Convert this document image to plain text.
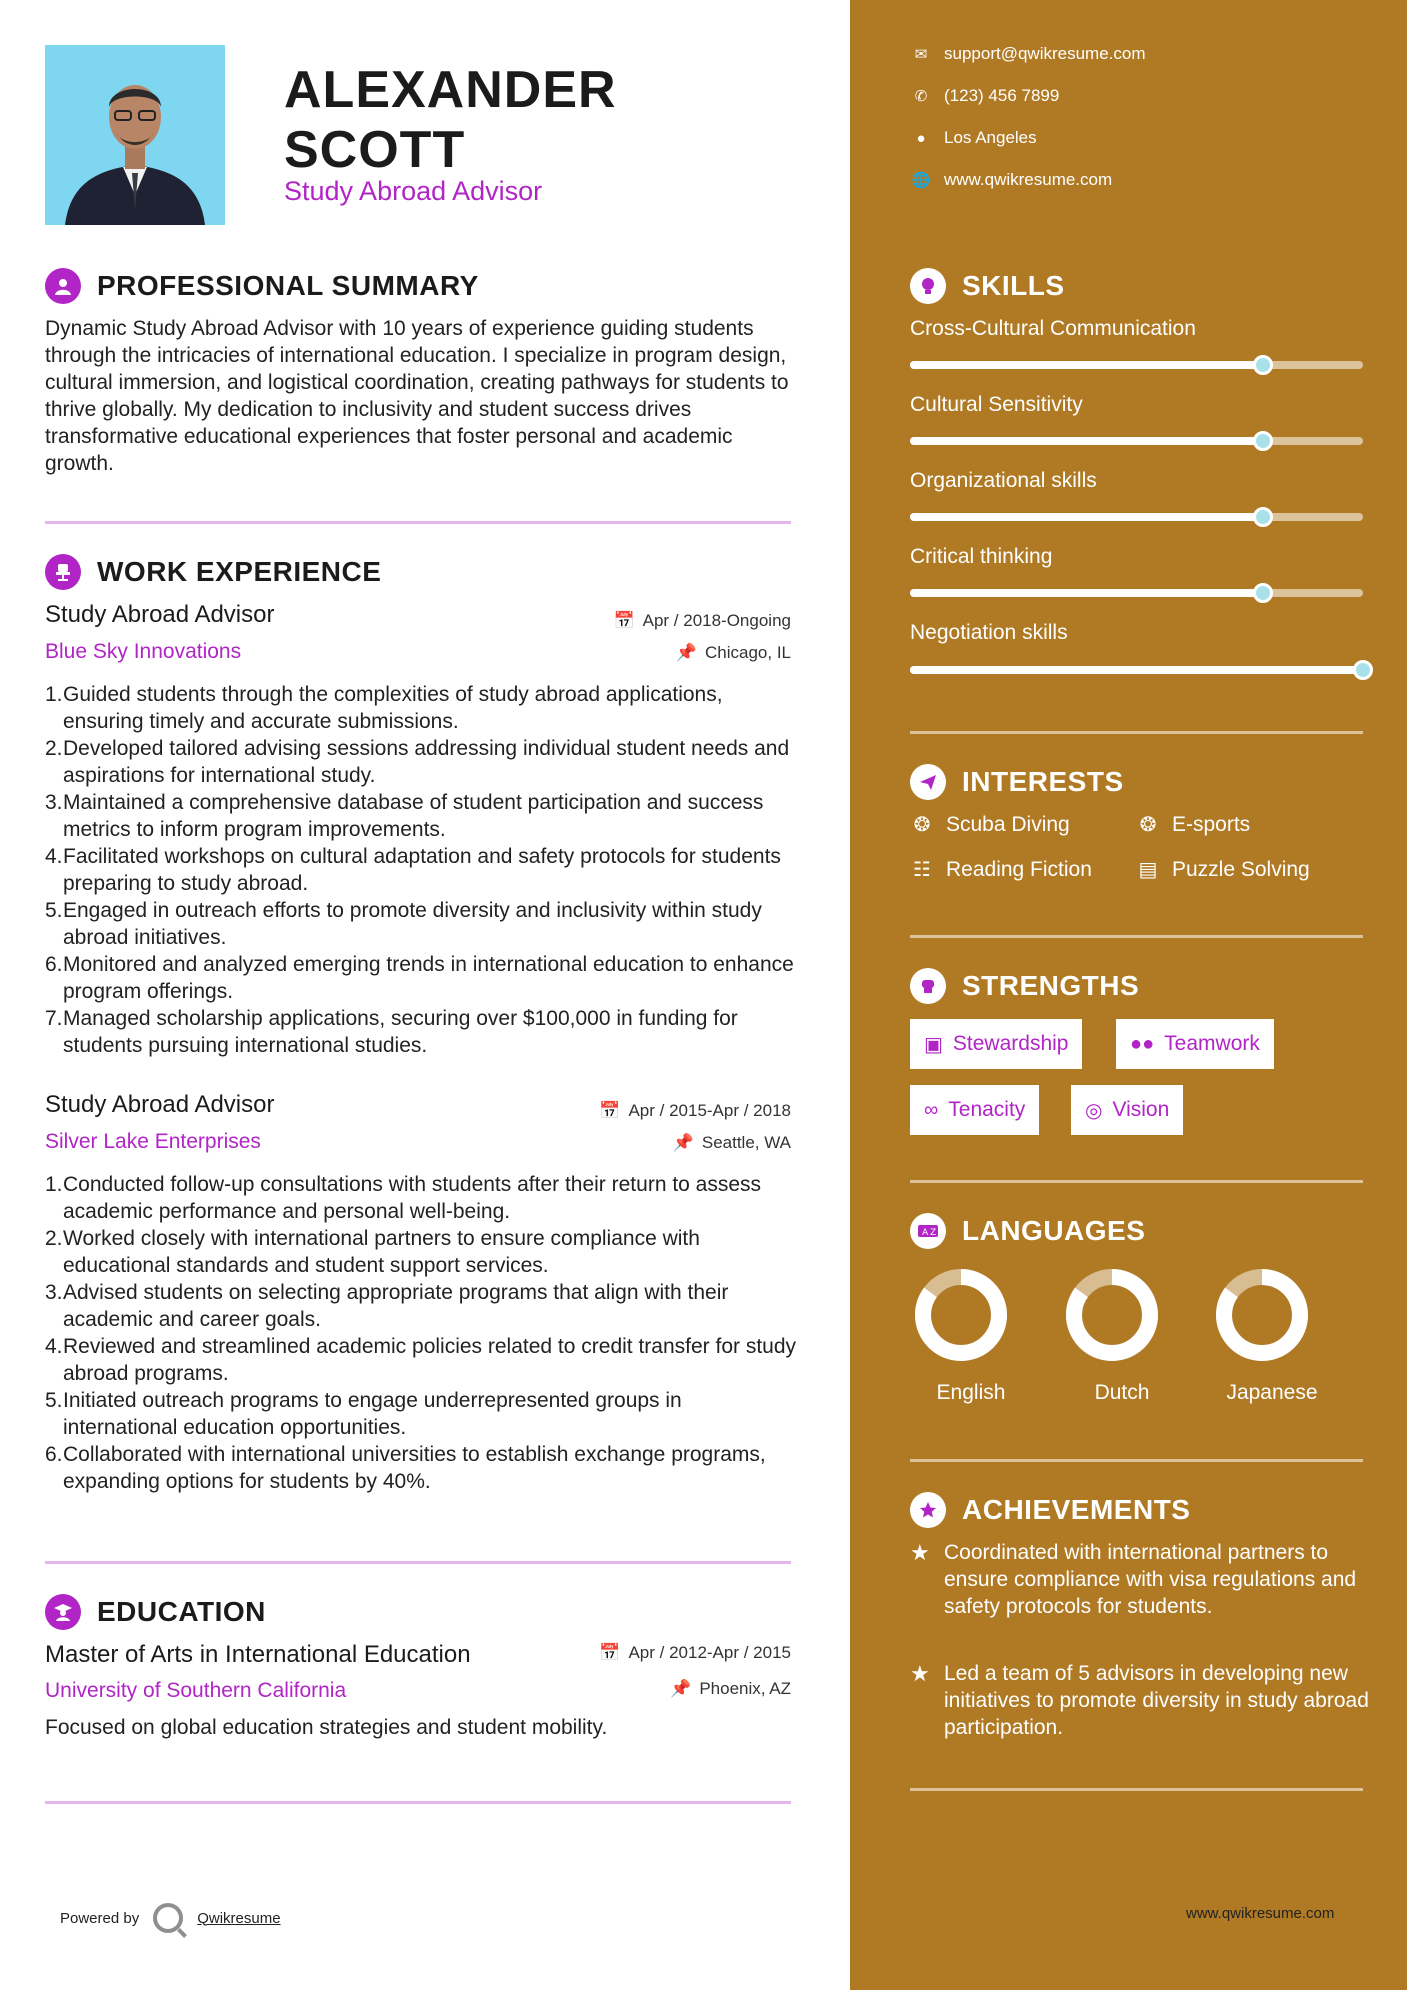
ALEXANDER
SCOTT
Study Abroad Advisor
PROFESSIONAL SUMMARY
Dynamic Study Abroad Advisor with 10 years of experience guiding students through the intricacies of international education. I specialize in program design, cultural immersion, and logistical coordination, creating pathways for students to thrive globally. My dedication to inclusivity and student success drives transformative educational experiences that foster personal and academic growth.
WORK EXPERIENCE
Study Abroad Advisor	📅 Apr / 2018-Ongoing
Blue Sky Innovations	📌 Chicago, IL
1. Guided students through the complexities of study abroad applications, ensuring timely and accurate submissions.
2. Developed tailored advising sessions addressing individual student needs and aspirations for international study.
3. Maintained a comprehensive database of student participation and success metrics to inform program improvements.
4. Facilitated workshops on cultural adaptation and safety protocols for students preparing to study abroad.
5. Engaged in outreach efforts to promote diversity and inclusivity within study abroad initiatives.
6. Monitored and analyzed emerging trends in international education to enhance program offerings.
7. Managed scholarship applications, securing over $100,000 in funding for students pursuing international studies.
Study Abroad Advisor	📅 Apr / 2015-Apr / 2018
Silver Lake Enterprises	📌 Seattle, WA
1. Conducted follow-up consultations with students after their return to assess academic performance and personal well-being.
2. Worked closely with international partners to ensure compliance with educational standards and student support services.
3. Advised students on selecting appropriate programs that align with their academic and career goals.
4. Reviewed and streamlined academic policies related to credit transfer for study abroad programs.
5. Initiated outreach programs to engage underrepresented groups in international education opportunities.
6. Collaborated with international universities to establish exchange programs, expanding options for students by 40%.
EDUCATION
Master of Arts in International Education	📅 Apr / 2012-Apr / 2015
University of Southern California	📌 Phoenix, AZ
Focused on global education strategies and student mobility.
Powered by	Qwikresume
✉ support@qwikresume.com
✆ (123) 456 7899
●	Los Angeles
🌐 www.qwikresume.com
SKILLS
Cross-Cultural Communication
Cultural Sensitivity
Organizational skills
Critical thinking
Negotiation skills
INTERESTS
❂ Scuba Diving	❂ E-sports
☷ Reading Fiction ▤ Puzzle Solving
STRENGTHS
▣ Stewardship	●● Teamwork
∞ Tenacity	◎ Vision
A Z LANGUAGES
English	Dutch	Japanese
ACHIEVEMENTS
★ Coordinated with international partners to ensure compliance with visa regulations and safety protocols for students.
★ Led a team of 5 advisors in developing new initiatives to promote diversity in study abroad participation.
www.qwikresume.com
